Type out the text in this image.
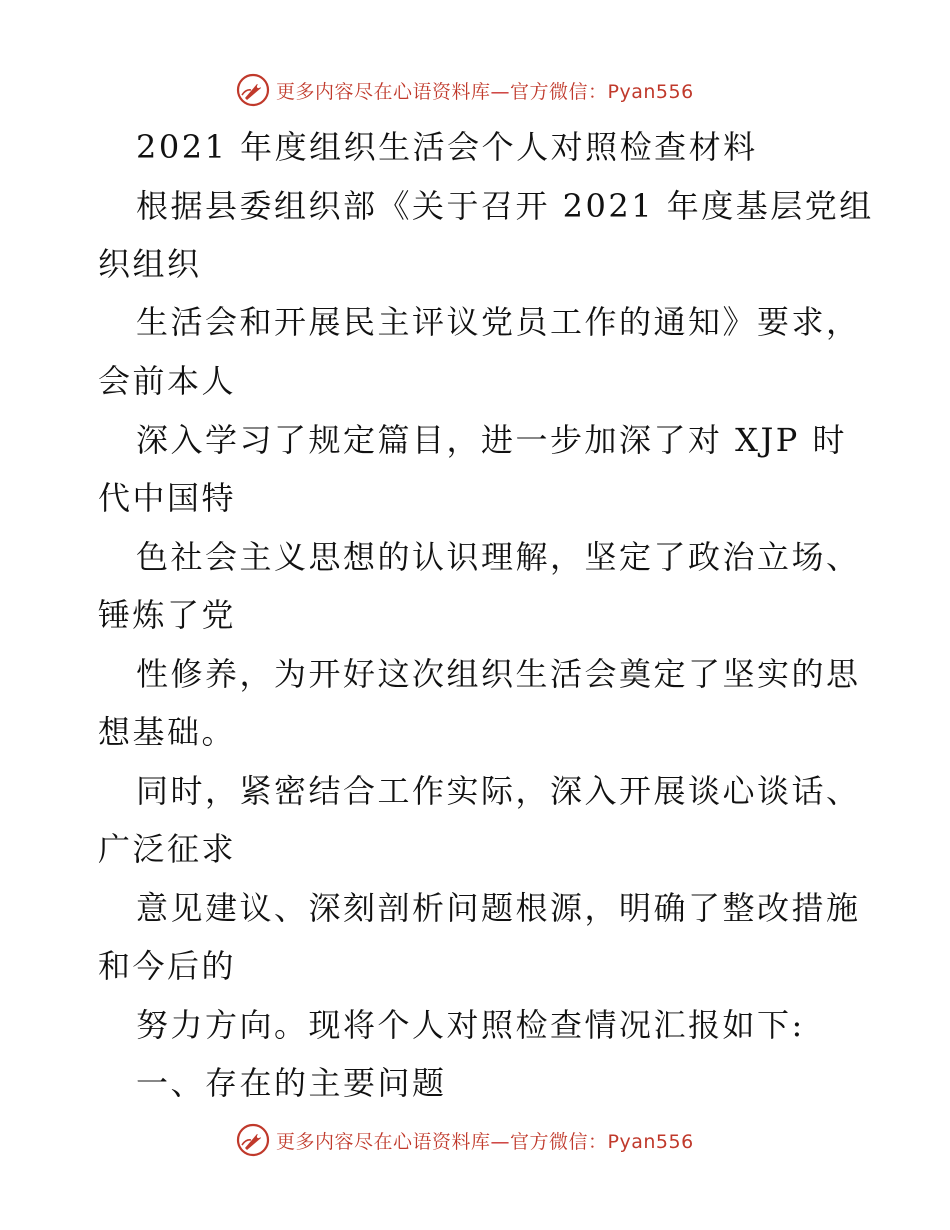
更多内容尽在心语资料库—官方微信：Pyan556
2021 年度组织生活会个人对照检查材料
根据县委组织部《关于召开 2021 年度基层党组
织组织
生活会和开展民主评议党员工作的通知》要求，
会前本人
深入学习了规定篇目，进一步加深了对 XJP 时
代中国特
色社会主义思想的认识理解，坚定了政治立场、
锤炼了党
性修养，为开好这次组织生活会奠定了坚实的思
想基础。
同时，紧密结合工作实际，深入开展谈心谈话、
广泛征求
意见建议、深刻剖析问题根源，明确了整改措施
和今后的
努力方向。现将个人对照检查情况汇报如下:
一、存在的主要问题
更多内容尽在心语资料库—官方微信：Pyan556
